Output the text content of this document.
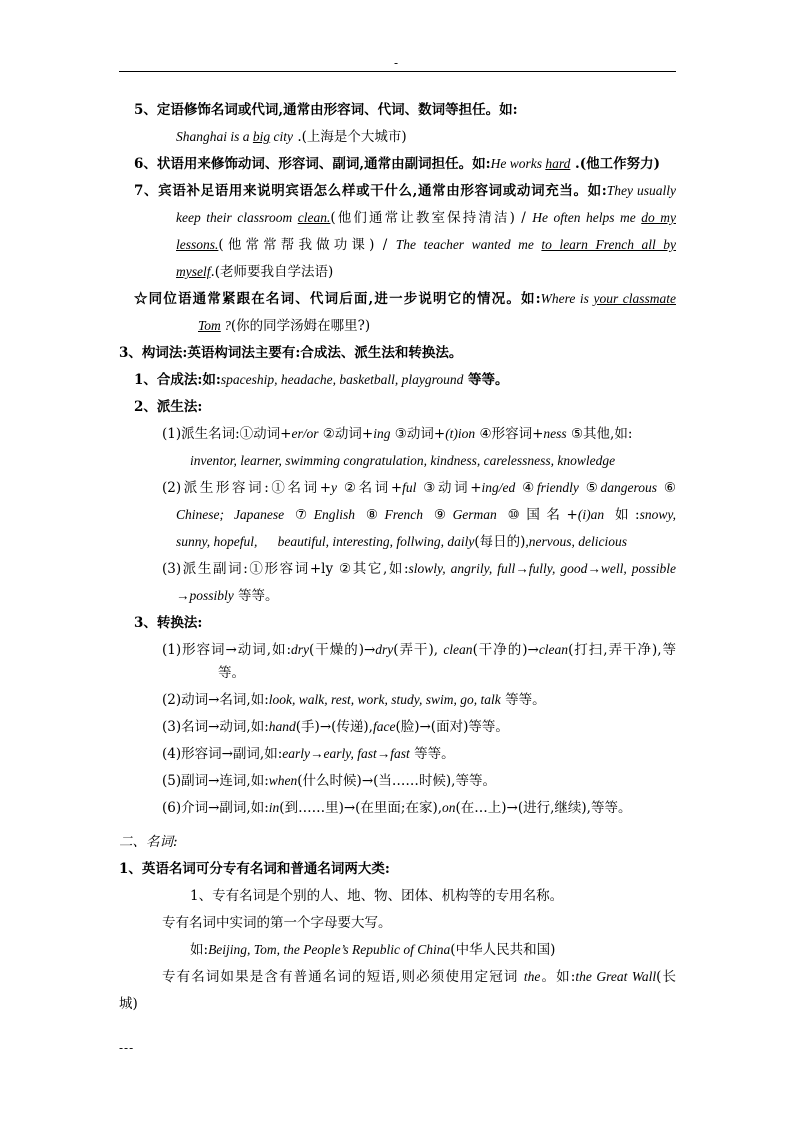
-
5、定语修饰名词或代词,通常由形容词、代词、数词等担任。如:
Shanghai is a big city .(上海是个大城市)
6、状语用来修饰动词、形容词、副词,通常由副词担任。如:He works hard .(他工作努力)
7、宾语补足语用来说明宾语怎么样或干什么,通常由形容词或动词充当。如:They usually
keep their classroom clean.(他们通常让教室保持清洁) / He often helps me do my
lessons.(他常常帮我做功课) / The teacher wanted me to learn French all by
myself.(老师要我自学法语)
☆同位语通常紧跟在名词、代词后面,进一步说明它的情况。如:Where is your classmate
Tom ?(你的同学汤姆在哪里?)
3、构词法:英语构词法主要有:合成法、派生法和转换法。
1、合成法:如:spaceship, headache, basketball, playground 等等。
2、派生法:
(1)派生名词:①动词+er/or ②动词+ing ③动词+(t)ion ④形容词+ness ⑤其他,如:
inventor, learner, swimming congratulation, kindness, carelessness, knowledge
(2)派生形容词:①名词+y ②名词+ful ③动词+ing/ed ④friendly ⑤dangerous ⑥
Chinese; Japanese ⑦English ⑧French ⑨German ⑩国名+(i)an 如:snowy,
sunny, hopeful,      beautiful, interesting, follwing, daily(每日的),nervous, delicious
(3)派生副词:①形容词+ly ②其它,如:slowly, angrily, full→fully, good→well, possible
→possibly 等等。
3、转换法:
(1)形容词→动词,如:dry(干燥的)→dry(弄干), clean(干净的)→clean(打扫,弄干净),等
等。
(2)动词→名词,如:look, walk, rest, work, study, swim, go, talk 等等。
(3)名词→动词,如:hand(手)→(传递),face(脸)→(面对)等等。
(4)形容词→副词,如:early→early, fast→fast 等等。
(5)副词→连词,如:when(什么时候)→(当……时候),等等。
(6)介词→副词,如:in(到……里)→(在里面;在家),on(在…上)→(进行,继续),等等。
二、名词:
1、英语名词可分专有名词和普通名词两大类:
1、专有名词是个别的人、地、物、团体、机构等的专用名称。
专有名词中实词的第一个字母要大写。
如:Beijing, Tom, the People’s Republic of China(中华人民共和国)
专有名词如果是含有普通名词的短语,则必须使用定冠词 the。如:the Great Wall(长
城)
---
